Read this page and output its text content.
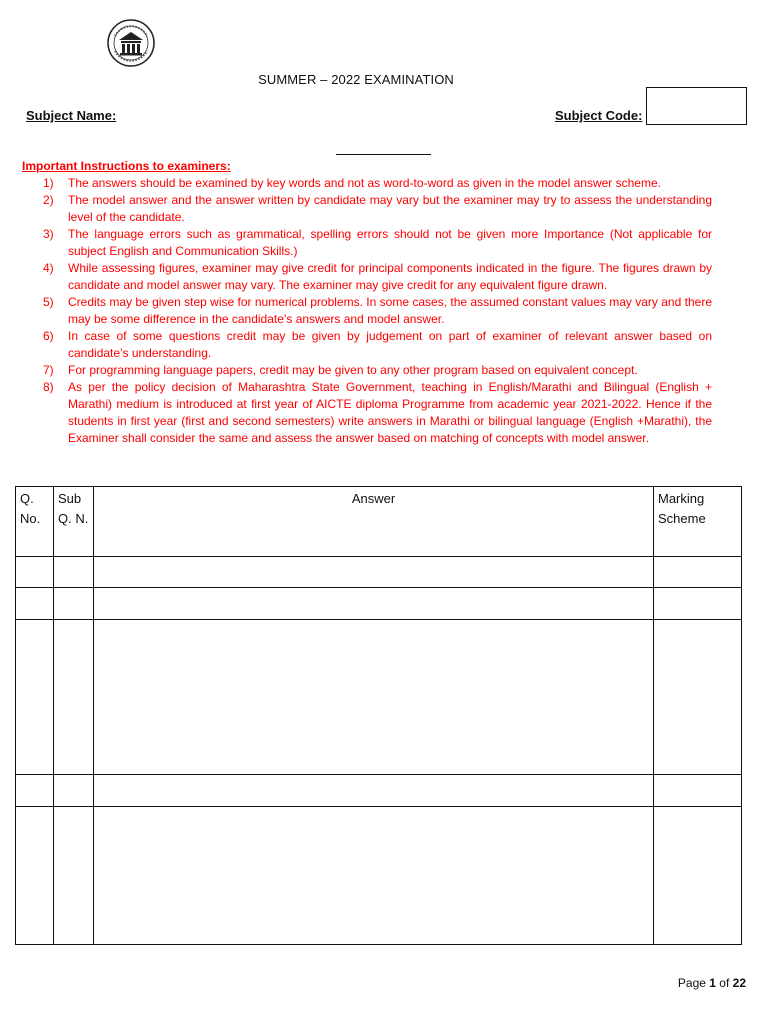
SUMMER – 2022 EXAMINATION
Subject Name:	Subject Code:
Important Instructions to examiners:
1) The answers should be examined by key words and not as word-to-word as given in the model answer scheme.
2) The model answer and the answer written by candidate may vary but the examiner may try to assess the understanding level of the candidate.
3) The language errors such as grammatical, spelling errors should not be given more Importance (Not applicable for subject English and Communication Skills.)
4) While assessing figures, examiner may give credit for principal components indicated in the figure. The figures drawn by candidate and model answer may vary. The examiner may give credit for any equivalent figure drawn.
5) Credits may be given step wise for numerical problems. In some cases, the assumed constant values may vary and there may be some difference in the candidate’s answers and model answer.
6) In case of some questions credit may be given by judgement on part of examiner of relevant answer based on candidate’s understanding.
7) For programming language papers, credit may be given to any other program based on equivalent concept.
8) As per the policy decision of Maharashtra State Government, teaching in English/Marathi and Bilingual (English + Marathi) medium is introduced at first year of AICTE diploma Programme from academic year 2021-2022. Hence if the students in first year (first and second semesters) write answers in Marathi or bilingual language (English +Marathi), the Examiner shall consider the same and assess the answer based on matching of concepts with model answer.
Q. No.	Sub Q. N.	Answer	Marking Scheme

Page 1 of 22
